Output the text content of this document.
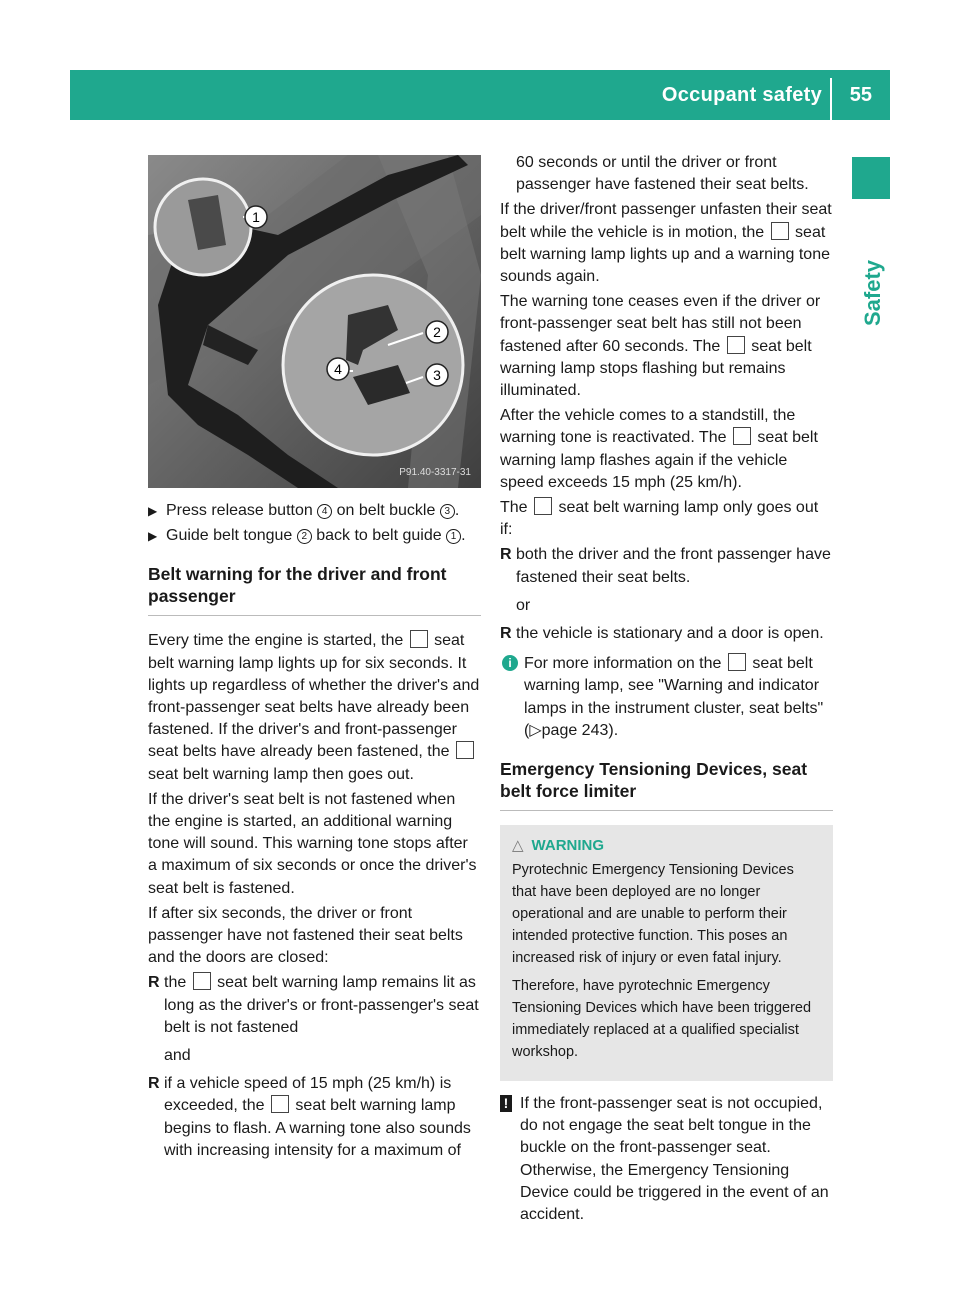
Occupant safety 55
Safety
1
2
3
4
P91.40-3317-31
▶ Press release button 4 on belt buckle 3 .
▶ Guide belt tongue 2 back to belt guide 1 .
Belt warning for the driver and front passenger

Every time the engine is started, the  seat belt warning lamp lights up for six seconds. It lights up regardless of whether the driver's and front-passenger seat belts have already been fastened. If the driver's and front-passenger seat belts have already been fastened, the  seat belt warning lamp then goes out.

If the driver's seat belt is not fastened when the engine is started, an additional warning tone will sound. This warning tone stops after a maximum of six seconds or once the driver's seat belt is fastened.

If after six seconds, the driver or front passenger have not fastened their seat belts and the doors are closed:

R the  seat belt warning lamp remains lit as long as the driver's or front-passenger's seat belt is not fastened
and
R if a vehicle speed of 15 mph (25 km/h) is exceeded, the  seat belt warning lamp begins to flash. A warning tone also sounds with increasing intensity for a maximum of
60 seconds or until the driver or front passenger have fastened their seat belts.

If the driver/front passenger unfasten their seat belt while the vehicle is in motion, the  seat belt warning lamp lights up and a warning tone sounds again.

The warning tone ceases even if the driver or front-passenger seat belt has still not been fastened after 60 seconds. The  seat belt warning lamp stops flashing but remains illuminated.

After the vehicle comes to a standstill, the warning tone is reactivated. The  seat belt warning lamp flashes again if the vehicle speed exceeds 15 mph (25 km/h).

The  seat belt warning lamp only goes out if:

R both the driver and the front passenger have fastened their seat belts.
or
R the vehicle is stationary and a door is open.
i For more information on the  seat belt warning lamp, see "Warning and indicator lamps in the instrument cluster, seat belts" (▷page 243).
Emergency Tensioning Devices, seat belt force limiter
△ WARNING

Pyrotechnic Emergency Tensioning Devices that have been deployed are no longer operational and are unable to perform their intended protective function. This poses an increased risk of injury or even fatal injury.

Therefore, have pyrotechnic Emergency Tensioning Devices which have been triggered immediately replaced at a qualified specialist workshop.

! If the front-passenger seat is not occupied, do not engage the seat belt tongue in the buckle on the front-passenger seat. Otherwise, the Emergency Tensioning Device could be triggered in the event of an accident.
